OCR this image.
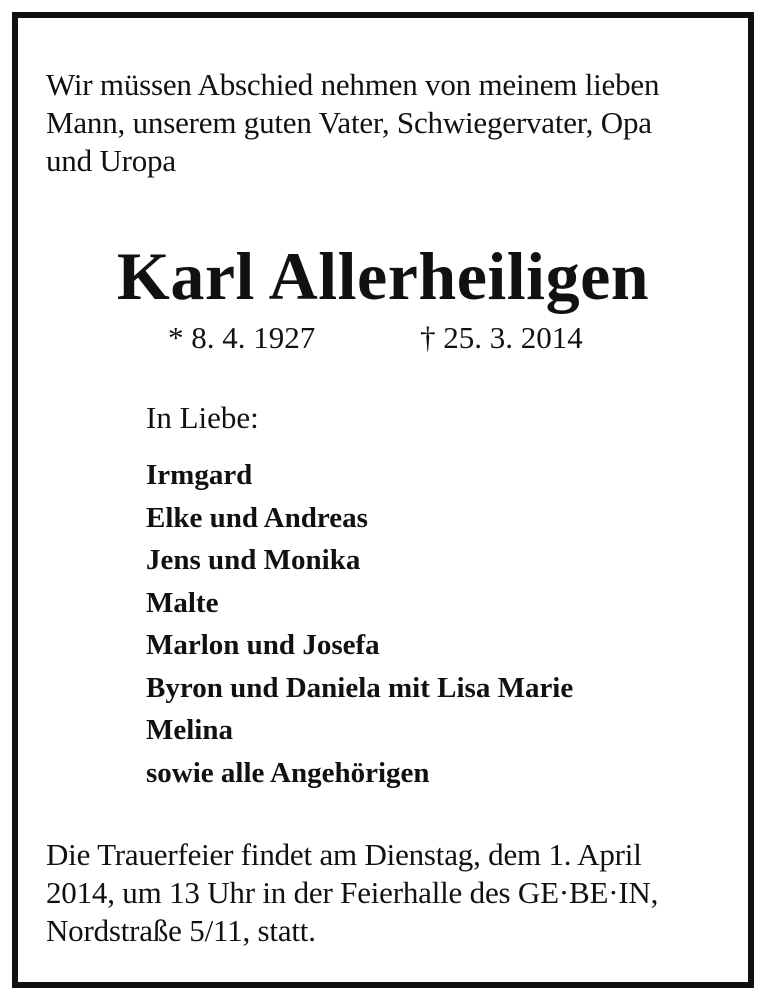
Wir müssen Abschied nehmen von meinem lieben
Mann, unserem guten Vater, Schwiegervater, Opa
und Uropa

Karl Allerheiligen
* 8. 4. 1927	† 25. 3. 2014

In Liebe:

Irmgard
Elke und Andreas
Jens und Monika
Malte
Marlon und Josefa
Byron und Daniela mit Lisa Marie
Melina
sowie alle Angehörigen

Die Trauerfeier findet am Dienstag, dem 1. April
2014, um 13 Uhr in der Feierhalle des GE·BE·IN,
Nordstraße 5/11, statt.
